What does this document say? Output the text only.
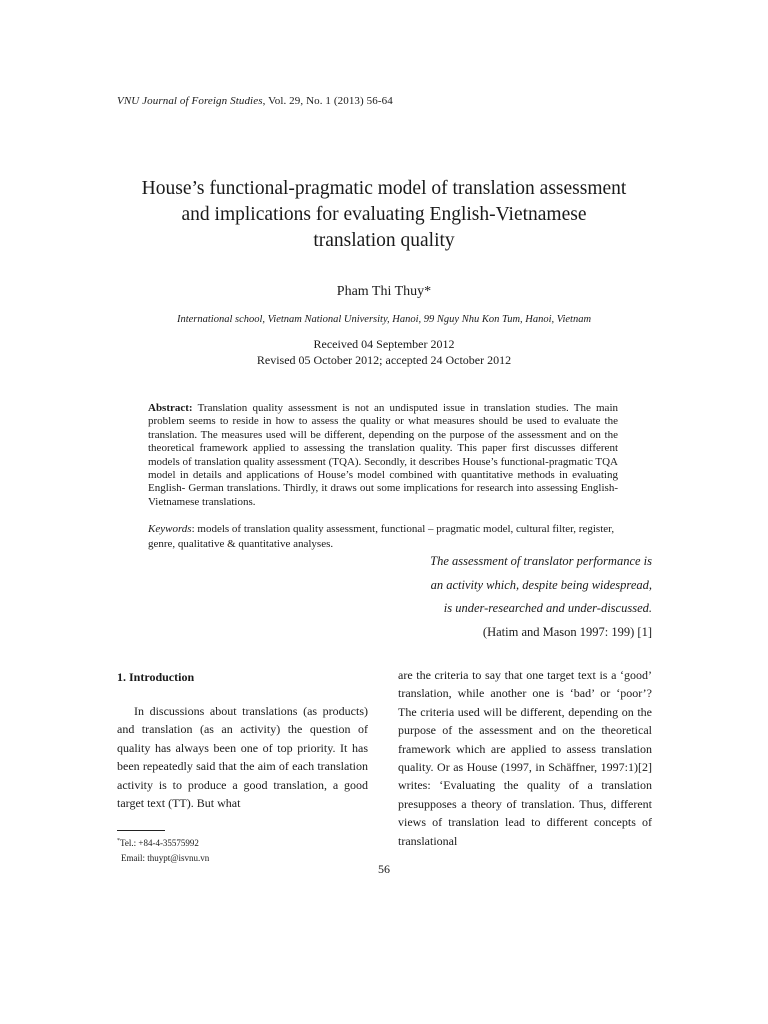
VNU Journal of Foreign Studies, Vol. 29, No. 1 (2013) 56-64
House’s functional-pragmatic model of translation assessment
and implications for evaluating English-Vietnamese
translation quality
Pham Thi Thuy*
International school, Vietnam National University, Hanoi, 99 Nguy Nhu Kon Tum, Hanoi, Vietnam
Received 04 September 2012
Revised 05 October 2012; accepted 24 October 2012
Abstract: Translation quality assessment is not an undisputed issue in translation studies. The main problem seems to reside in how to assess the quality or what measures should be used to evaluate the translation. The measures used will be different, depending on the purpose of the assessment and on the theoretical framework applied to assessing the translation quality. This paper first discusses different models of translation quality assessment (TQA). Secondly, it describes House’s functional-pragmatic TQA model in details and applications of House’s model combined with quantitative methods in evaluating English- German translations. Thirdly, it draws out some implications for research into assessing English-Vietnamese translations.
Keywords: models of translation quality assessment, functional – pragmatic model, cultural filter, register, genre, qualitative & quantitative analyses.
The assessment of translator performance is
an activity which, despite being widespread,
is under-researched and under-discussed.
(Hatim and Mason 1997: 199) [1]
1. Introduction
In discussions about translations (as products) and translation (as an activity) the question of quality has always been one of top priority. It has been repeatedly said that the aim of each translation activity is to produce a good translation, a good target text (TT). But what
are the criteria to say that one target text is a ‘good’ translation, while another one is ‘bad’ or ‘poor’? The criteria used will be different, depending on the purpose of the assessment and on the theoretical framework which are applied to assess translation quality. Or as House (1997, in Schäffner, 1997:1)[2] writes: ‘Evaluating the quality of a translation presupposes a theory of translation. Thus, different views of translation lead to different concepts of translational
*Tel.: +84-4-35575992
Email: thuypt@isvnu.vn
56
